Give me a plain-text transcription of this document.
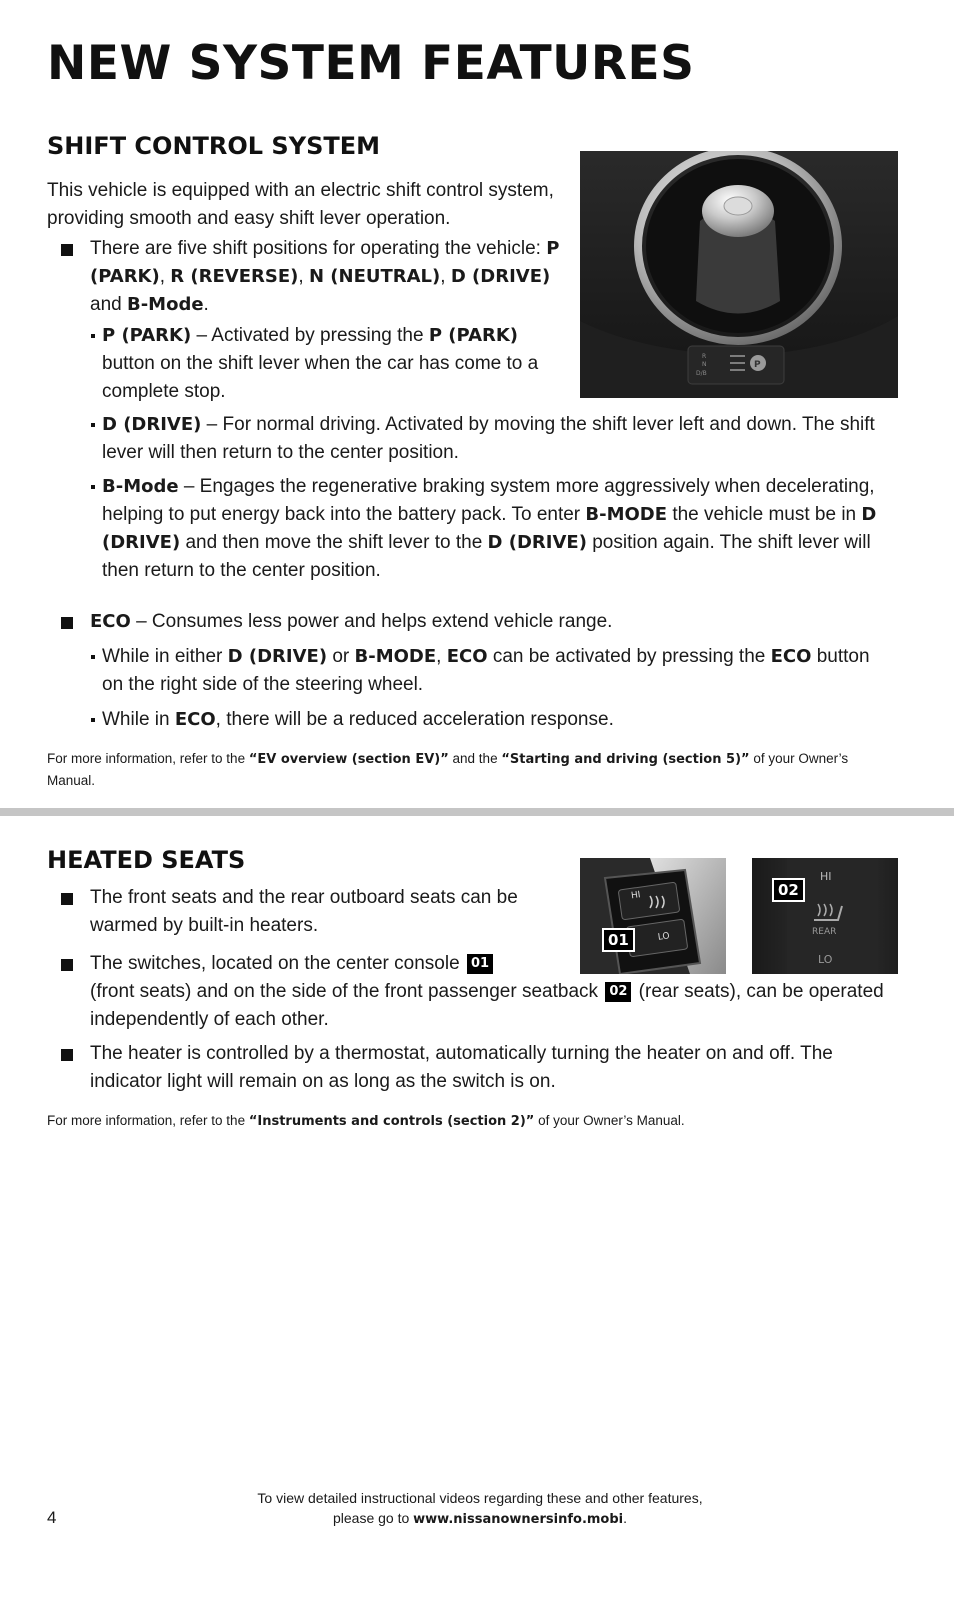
NEW SYSTEM FEATURES
SHIFT CONTROL SYSTEM

This vehicle is equipped with an electric shift control system, providing smooth and easy shift lever operation.

There are five shift positions for operating the vehicle: P (PARK), R (REVERSE), N (NEUTRAL), D (DRIVE) and B-Mode.

P (PARK) – Activated by pressing the P (PARK) button on the shift lever when the car has come to a complete stop.

D (DRIVE) – For normal driving. Activated by moving the shift lever left and down. The shift lever will then return to the center position.

B-Mode – Engages the regenerative braking system more aggressively when decelerating, helping to put energy back into the battery pack. To enter B-MODE the vehicle must be in D (DRIVE) and then move the shift lever to the D (DRIVE) position again. The shift lever will then return to the center position.

ECO – Consumes less power and helps extend vehicle range.

While in either D (DRIVE) or B-MODE, ECO can be activated by pressing the ECO button on the right side of the steering wheel.

While in ECO, there will be a reduced acceleration response.

For more information, refer to the “EV overview (section EV)” and the “Starting and driving (section 5)” of your Owner’s Manual.

R
N
D/B
P
HEATED SEATS

The front seats and the rear outboard seats can be warmed by built-in heaters.

The switches, located on the center console 01

(front seats) and on the side of the front passenger seatback 02 (rear seats), can be operated independently of each other.

The heater is controlled by a thermostat, automatically turning the heater on and off. The indicator light will remain on as long as the switch is on.

For more information, refer to the “Instruments and controls (section 2)” of your Owner’s Manual.

HI
LO
01
HI
REAR
LO
02

4

To view detailed instructional videos regarding these and other features,
please go to www.nissanownersinfo.mobi.
